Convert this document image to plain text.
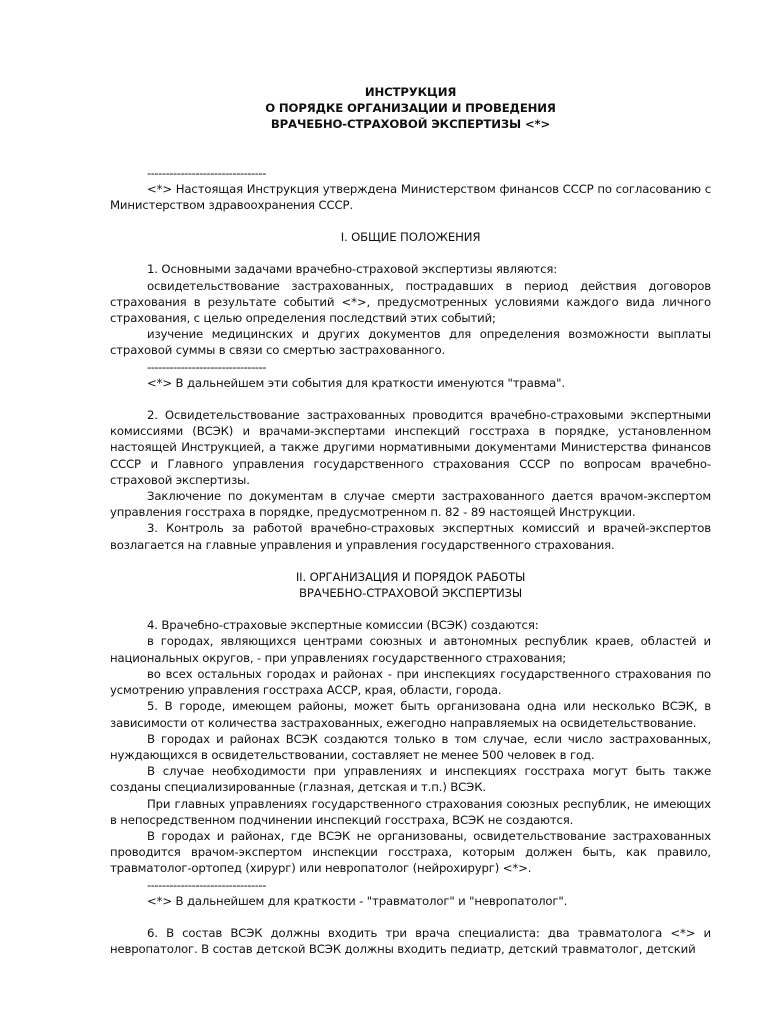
ИНСТРУКЦИЯ

О ПОРЯДКЕ ОРГАНИЗАЦИИ И ПРОВЕДЕНИЯ

ВРАЧЕБНО-СТРАХОВОЙ ЭКСПЕРТИЗЫ <*>

--------------------------------

<*> Настоящая Инструкция утверждена Министерством финансов СССР по согласованию с Министерством здравоохранения СССР.

I. ОБЩИЕ ПОЛОЖЕНИЯ

1. Основными задачами врачебно-страховой экспертизы являются:

освидетельствование застрахованных, пострадавших в период действия договоров страхования в результате событий <*>, предусмотренных условиями каждого вида личного страхования, с целью определения последствий этих событий;

изучение медицинских и других документов для определения возможности выплаты страховой суммы в связи со смертью застрахованного.

--------------------------------

<*> В дальнейшем эти события для краткости именуются "травма".

2. Освидетельствование застрахованных проводится врачебно-страховыми экспертными комиссиями (ВСЭК) и врачами-экспертами инспекций госстраха в порядке, установленном настоящей Инструкцией, а также другими нормативными документами Министерства финансов СССР и Главного управления государственного страхования СССР по вопросам врачебно-страховой экспертизы.

Заключение по документам в случае смерти застрахованного дается врачом-экспертом управления госстраха в порядке, предусмотренном п. 82 - 89 настоящей Инструкции.

3. Контроль за работой врачебно-страховых экспертных комиссий и врачей-экспертов возлагается на главные управления и управления государственного страхования.

II. ОРГАНИЗАЦИЯ И ПОРЯДОК РАБОТЫ

ВРАЧЕБНО-СТРАХОВОЙ ЭКСПЕРТИЗЫ

4. Врачебно-страховые экспертные комиссии (ВСЭК) создаются:

в городах, являющихся центрами союзных и автономных республик краев, областей и национальных округов, - при управлениях государственного страхования;

во всех остальных городах и районах - при инспекциях государственного страхования по усмотрению управления госстраха АССР, края, области, города.

5. В городе, имеющем районы, может быть организована одна или несколько ВСЭК, в зависимости от количества застрахованных, ежегодно направляемых на освидетельствование.

В городах и районах ВСЭК создаются только в том случае, если число застрахованных, нуждающихся в освидетельствовании, составляет не менее 500 человек в год.

В случае необходимости при управлениях и инспекциях госстраха могут быть также созданы специализированные (глазная, детская и т.п.) ВСЭК.

При главных управлениях государственного страхования союзных республик, не имеющих в непосредственном подчинении инспекций госстраха, ВСЭК не создаются.

В городах и районах, где ВСЭК не организованы, освидетельствование застрахованных проводится врачом-экспертом инспекции госстраха, которым должен быть, как правило, травматолог-ортопед (хирург) или невропатолог (нейрохирург) <*>.

--------------------------------

<*> В дальнейшем для краткости - "травматолог" и "невропатолог".

6. В состав ВСЭК должны входить три врача специалиста: два травматолога <*> и невропатолог. В состав детской ВСЭК должны входить педиатр, детский травматолог, детский
